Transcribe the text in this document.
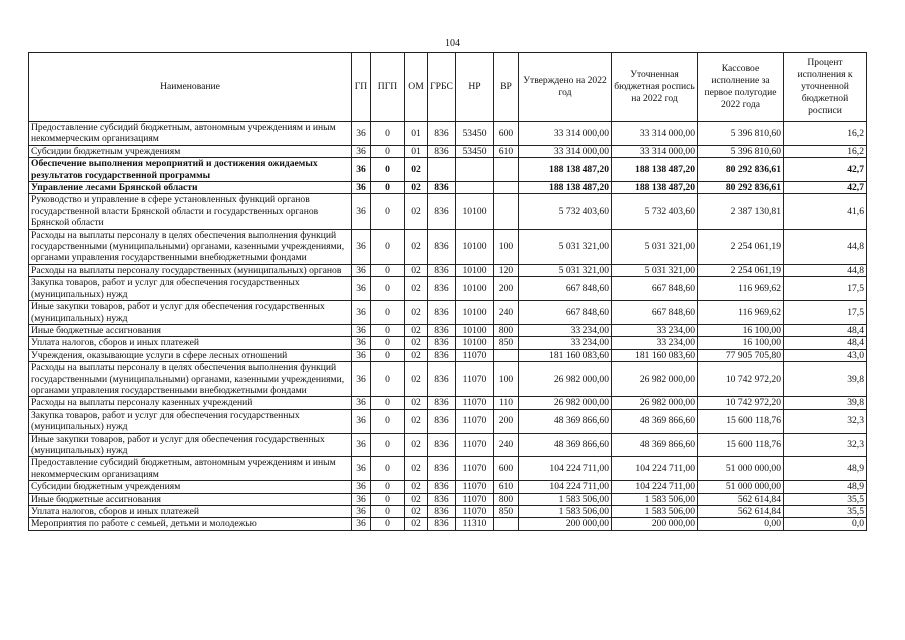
104
Наименование	ГП	ПГП	ОМ	ГРБС	НР	ВР	Утверждено на 2022 год	Уточненная бюджетная роспись на 2022 год	Кассовое исполнение за первое полугодие 2022 года	Процент исполнения к уточненной бюджетной росписи
Предоставление субсидий бюджетным, автономным учреждениям и иным некоммерческим организациям	36	0	01	836	53450	600	33 314 000,00	33 314 000,00	5 396 810,60	16,2
Субсидии бюджетным учреждениям	36	0	01	836	53450	610	33 314 000,00	33 314 000,00	5 396 810,60	16,2
Обеспечение выполнения мероприятий и достижения ожидаемых результатов государственной программы	36	0	02				188 138 487,20	188 138 487,20	80 292 836,61	42,7
Управление лесами Брянской области	36	0	02	836			188 138 487,20	188 138 487,20	80 292 836,61	42,7
Руководство и управление в сфере установленных функций органов государственной власти Брянской области и государственных органов Брянской области	36	0	02	836	10100		5 732 403,60	5 732 403,60	2 387 130,81	41,6
Расходы на выплаты персоналу в целях обеспечения выполнения функций государственными (муниципальными) органами, казенными учреждениями, органами управления государственными внебюджетными фондами	36	0	02	836	10100	100	5 031 321,00	5 031 321,00	2 254 061,19	44,8
Расходы на выплаты персоналу государственных (муниципальных) органов	36	0	02	836	10100	120	5 031 321,00	5 031 321,00	2 254 061,19	44,8
Закупка товаров, работ и услуг для обеспечения государственных (муниципальных) нужд	36	0	02	836	10100	200	667 848,60	667 848,60	116 969,62	17,5
Иные закупки товаров, работ и услуг для обеспечения государственных (муниципальных) нужд	36	0	02	836	10100	240	667 848,60	667 848,60	116 969,62	17,5
Иные бюджетные ассигнования	36	0	02	836	10100	800	33 234,00	33 234,00	16 100,00	48,4
Уплата налогов, сборов и иных платежей	36	0	02	836	10100	850	33 234,00	33 234,00	16 100,00	48,4
Учреждения, оказывающие услуги в сфере лесных отношений	36	0	02	836	11070		181 160 083,60	181 160 083,60	77 905 705,80	43,0
Расходы на выплаты персоналу в целях обеспечения выполнения функций государственными (муниципальными) органами, казенными учреждениями, органами управления государственными внебюджетными фондами	36	0	02	836	11070	100	26 982 000,00	26 982 000,00	10 742 972,20	39,8
Расходы на выплаты персоналу казенных учреждений	36	0	02	836	11070	110	26 982 000,00	26 982 000,00	10 742 972,20	39,8
Закупка товаров, работ и услуг для обеспечения государственных (муниципальных) нужд	36	0	02	836	11070	200	48 369 866,60	48 369 866,60	15 600 118,76	32,3
Иные закупки товаров, работ и услуг для обеспечения государственных (муниципальных) нужд	36	0	02	836	11070	240	48 369 866,60	48 369 866,60	15 600 118,76	32,3
Предоставление субсидий бюджетным, автономным учреждениям и иным некоммерческим организациям	36	0	02	836	11070	600	104 224 711,00	104 224 711,00	51 000 000,00	48,9
Субсидии бюджетным учреждениям	36	0	02	836	11070	610	104 224 711,00	104 224 711,00	51 000 000,00	48,9
Иные бюджетные ассигнования	36	0	02	836	11070	800	1 583 506,00	1 583 506,00	562 614,84	35,5
Уплата налогов, сборов и иных платежей	36	0	02	836	11070	850	1 583 506,00	1 583 506,00	562 614,84	35,5
Мероприятия по работе с семьей, детьми и молодежью	36	0	02	836	11310		200 000,00	200 000,00	0,00	0,0
